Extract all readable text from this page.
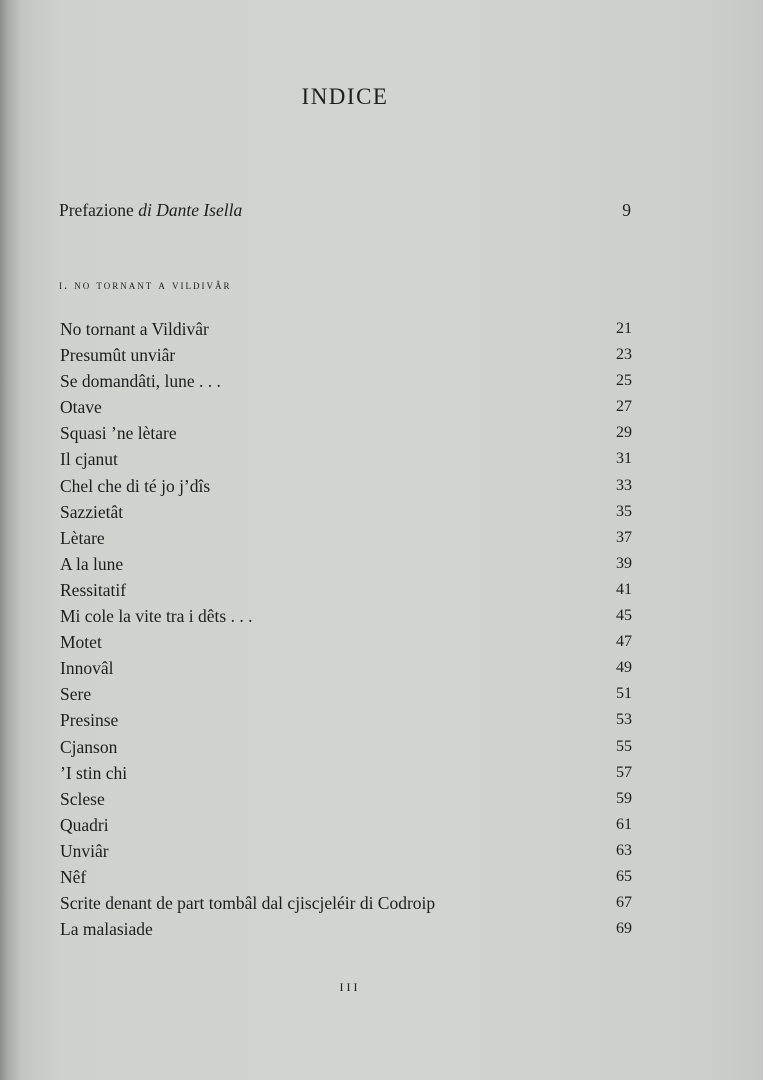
INDICE
Prefazione di Dante Isella	9
i. no tornant a vildivâr
No tornant a Vildivâr	21
Presumût unviâr	23
Se domandâti, lune . . .	25
Otave	27
Squasi ’ne lètare	29
Il cjanut	31
Chel che di té jo j’dîs	33
Sazzietât	35
Lètare	37
A la lune	39
Ressitatif	41
Mi cole la vite tra i dêts . . .	45
Motet	47
Innovâl	49
Sere	51
Presinse	53
Cjanson	55
’I stin chi	57
Sclese	59
Quadri	61
Unviâr	63
Nêf	65
Scrite denant de part tombâl dal cjiscjeléir di Codroip	67
La malasiade	69
III
